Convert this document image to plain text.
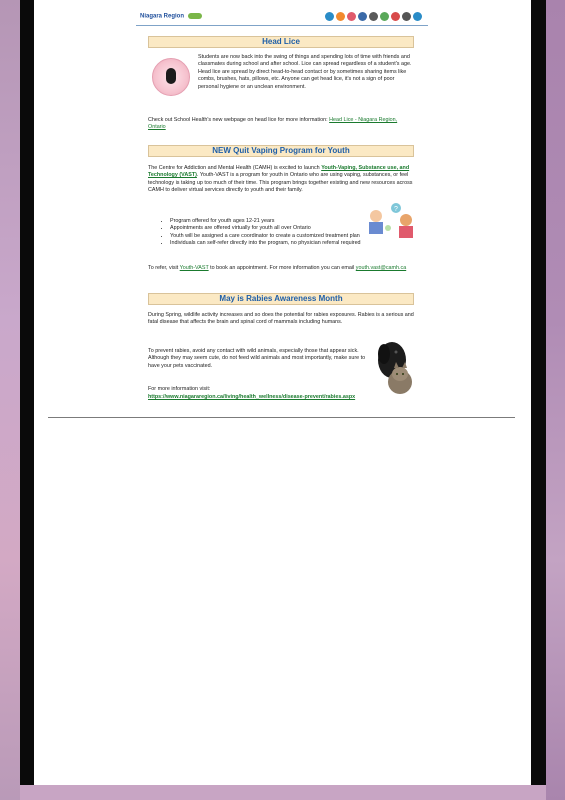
Niagara Region
Head Lice
Students are now back into the swing of things and spending lots of time with friends and classmates during school and after school. Lice can spread regardless of a student's age. Head lice are spread by direct head-to-head contact or by sometimes sharing items like combs, brushes, hats, pillows, etc. Anyone can get head lice, it's not a sign of poor personal hygiene or an unclean environment.
Check out School Health's new webpage on head lice for more information: Head Lice - Niagara Region, Ontario
NEW Quit Vaping Program for Youth
The Centre for Addiction and Mental Health (CAMH) is excited to launch Youth-Vaping, Substance use, and Technology (VAST). Youth-VAST is a program for youth in Ontario who are using vaping, substances, or feel technology is taking up too much of their time. This program brings together existing and new resources across CAMH to deliver virtual services directly to youth and their family.
?
• Program offered for youth ages 12-21 years
• Appointments are offered virtually for youth all over Ontario
• Youth will be assigned a care coordinator to create a customized treatment plan
• Individuals can self-refer directly into the program, no physician referral required
To refer, visit Youth-VAST to book an appointment. For more information you can email youth.vast@camh.ca
May is Rabies Awareness Month
During Spring, wildlife activity increases and so does the potential for rabies exposures. Rabies is a serious and fatal disease that affects the brain and spinal cord of mammals including humans.
To prevent rabies, avoid any contact with wild animals, especially those that appear sick. Although they may seem cute, do not feed wild animals and most importantly, make sure to have your pets vaccinated.
For more information visit:
https://www.niagararegion.ca/living/health_wellness/disease-prevent/rabies.aspx
